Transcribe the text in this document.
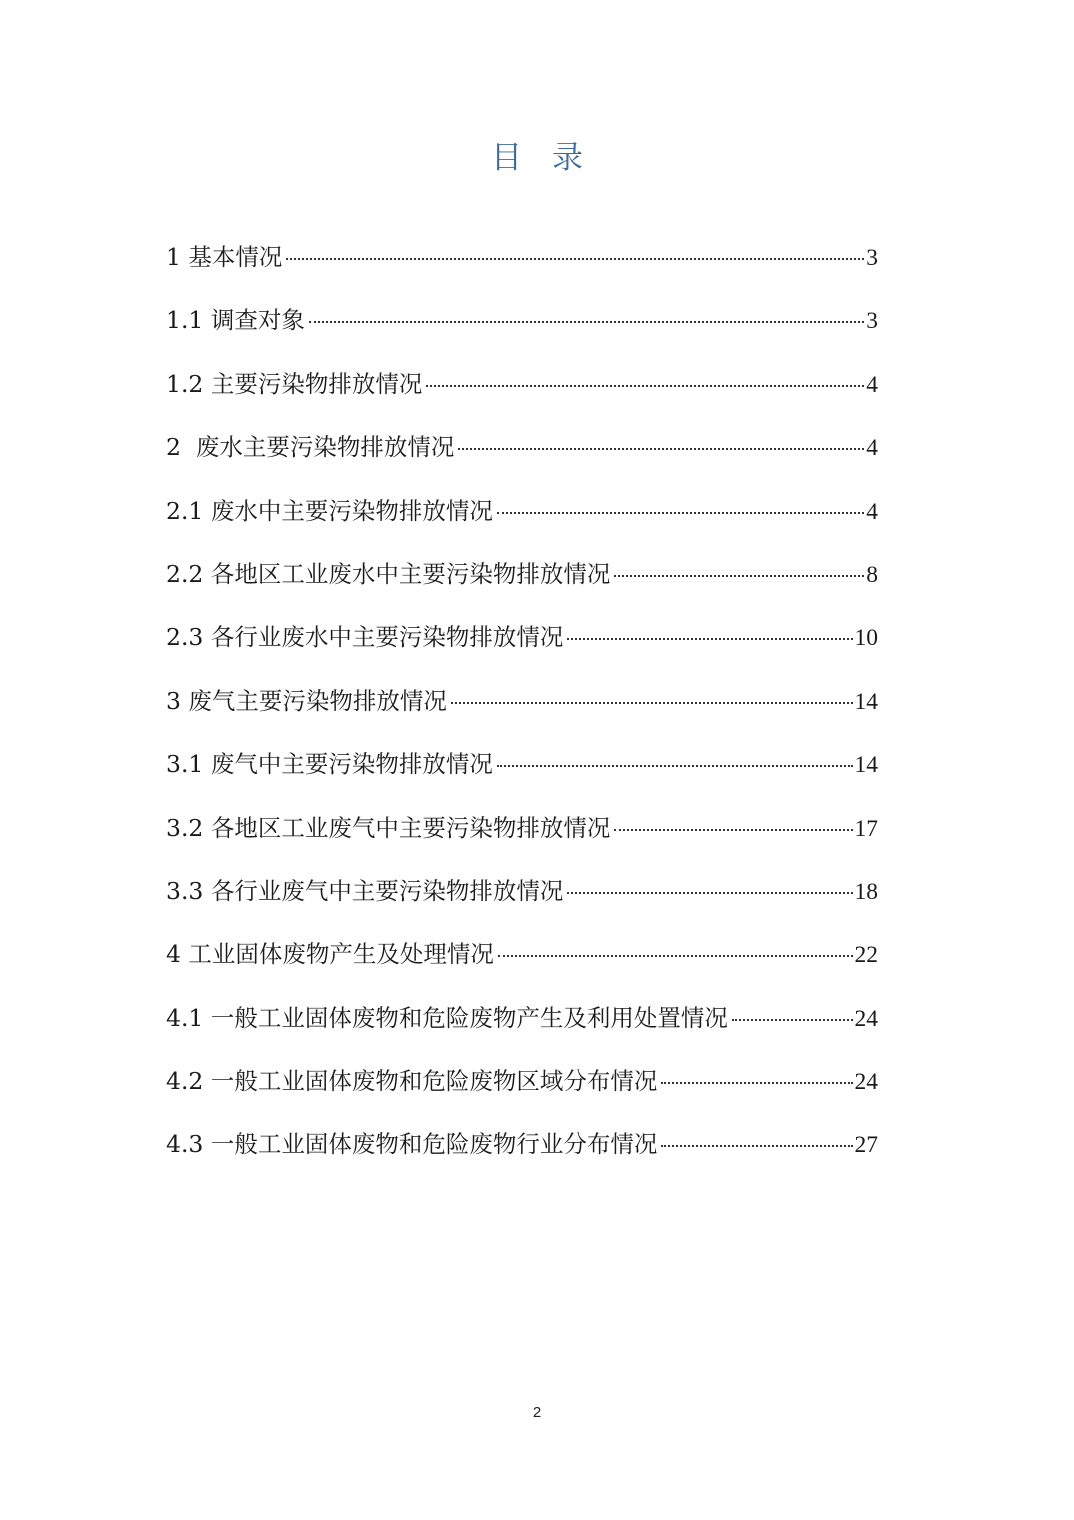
目录
1 基本情况	3
1.1 调查对象	3
1.2 主要污染物排放情况	4
2  废水主要污染物排放情况	4
2.1 废水中主要污染物排放情况	4
2.2 各地区工业废水中主要污染物排放情况	8
2.3 各行业废水中主要污染物排放情况	10
3 废气主要污染物排放情况	14
3.1 废气中主要污染物排放情况	14
3.2 各地区工业废气中主要污染物排放情况	17
3.3 各行业废气中主要污染物排放情况	18
4 工业固体废物产生及处理情况	22
4.1 一般工业固体废物和危险废物产生及利用处置情况	24
4.2 一般工业固体废物和危险废物区域分布情况	24
4.3 一般工业固体废物和危险废物行业分布情况	27
2
